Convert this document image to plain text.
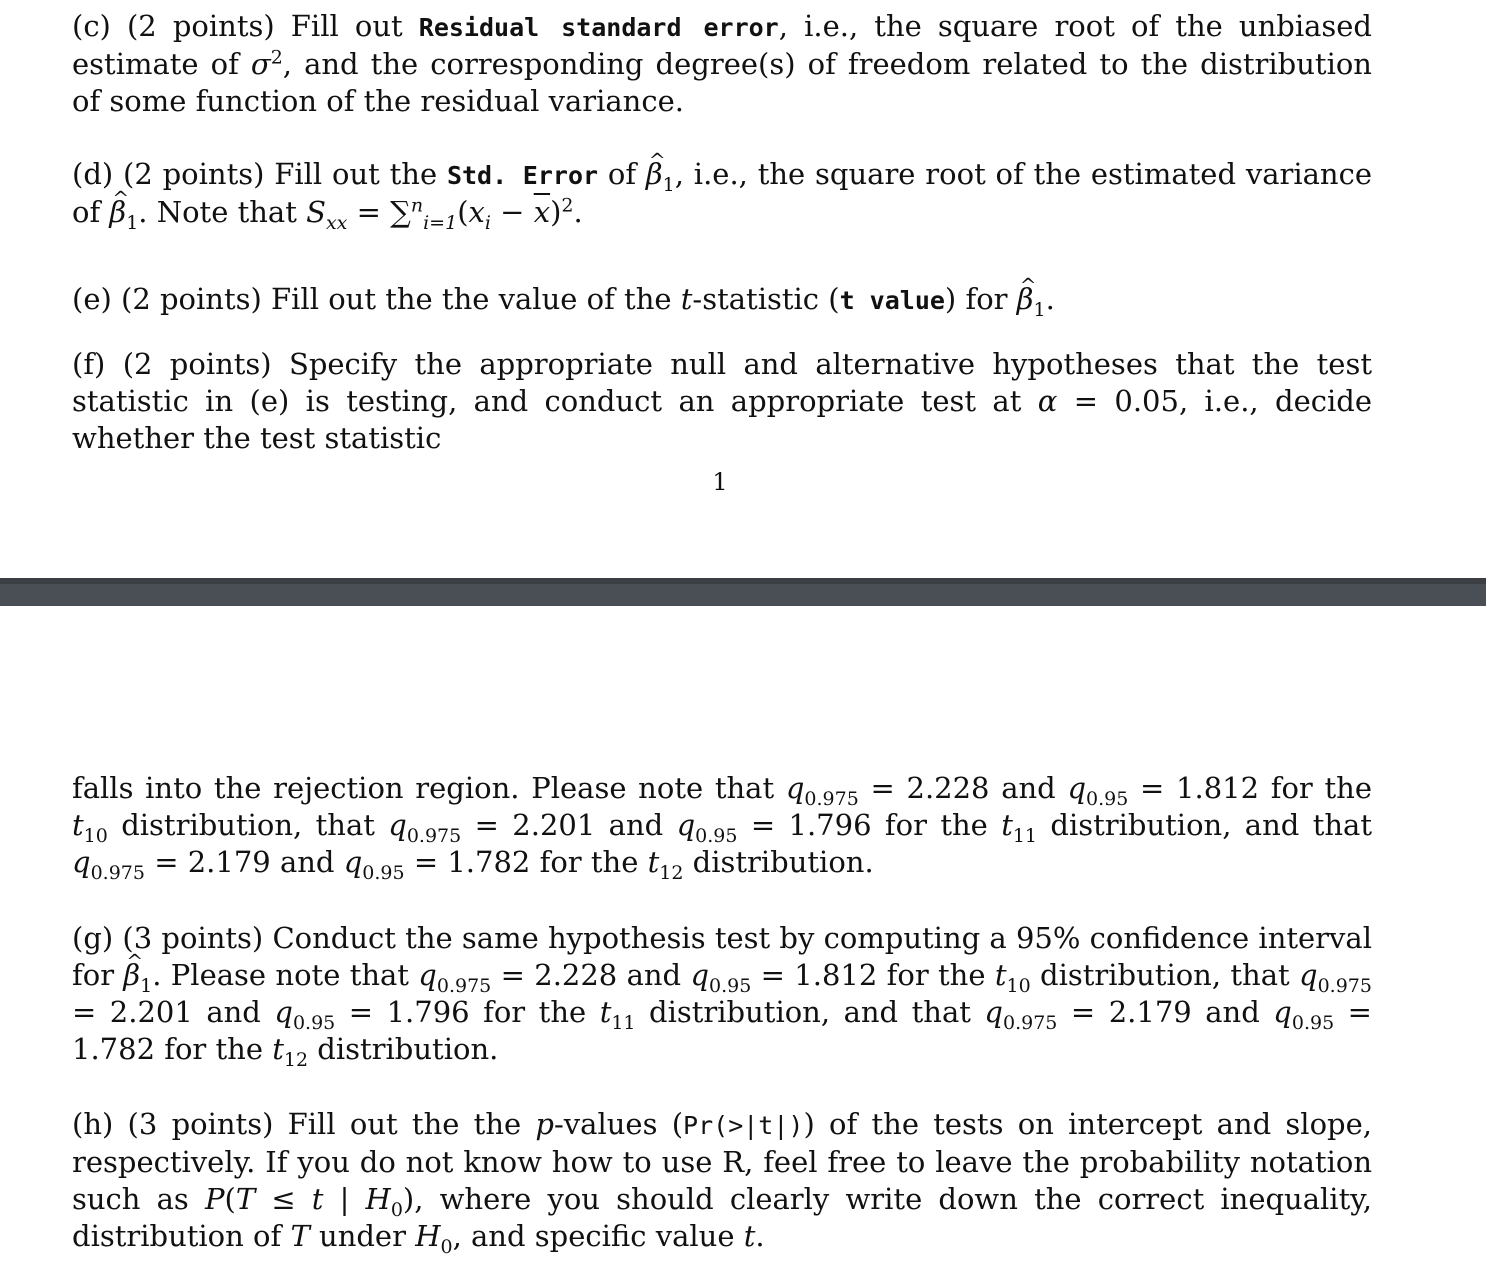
(c) (2 points) Fill out Residual standard error, i.e., the square root of the unbiased estimate of $\sigma^2$, and the corresponding degree(s) of freedom related to the distribution of some function of the residual variance.

(d) (2 points) Fill out the Std. Error of ^ $\beta_1$, i.e., the square root of the estimated variance of ^ $\beta_1$. Note that $S_{xx} = \sum^n_{i=1}(x_i - \overline{x})^2$.

(e) (2 points) Fill out the the value of the t-statistic (t value) for ^ $\beta_1$.

(f) (2 points) Specify the appropriate null and alternative hypotheses that the test statistic in (e) is testing, and conduct an appropriate test at α = 0.05, i.e., decide whether the test statistic

1

falls into the rejection region. Please note that $q_{0.975} = 2.228$ and $q_{0.95} = 1.812$ for the $t_{10}$ distribution, that $q_{0.975} = 2.201$ and $q_{0.95} = 1.796$ for the $t_{11}$ distribution, and that $q_{0.975} = 2.179$ and $q_{0.95} = 1.782$ for the $t_{12}$ distribution.

(g) (3 points) Conduct the same hypothesis test by computing a 95% confidence interval for ^ $\beta_1$. Please note that $q_{0.975} = 2.228$ and $q_{0.95} = 1.812$ for the $t_{10}$ distribution, that $q_{0.975} = 2.201$ and $q_{0.95} = 1.796$ for the $t_{11}$ distribution, and that $q_{0.975} = 2.179$ and $q_{0.95} = 1.782$ for the $t_{12}$ distribution.

(h) (3 points) Fill out the the p-values (Pr(>|t|)) of the tests on intercept and slope, respectively. If you do not know how to use R, feel free to leave the probability notation such as P(T ≤ t | $H_0$), where you should clearly write down the correct inequality, distribution of T under $H_0$, and specific value t.
